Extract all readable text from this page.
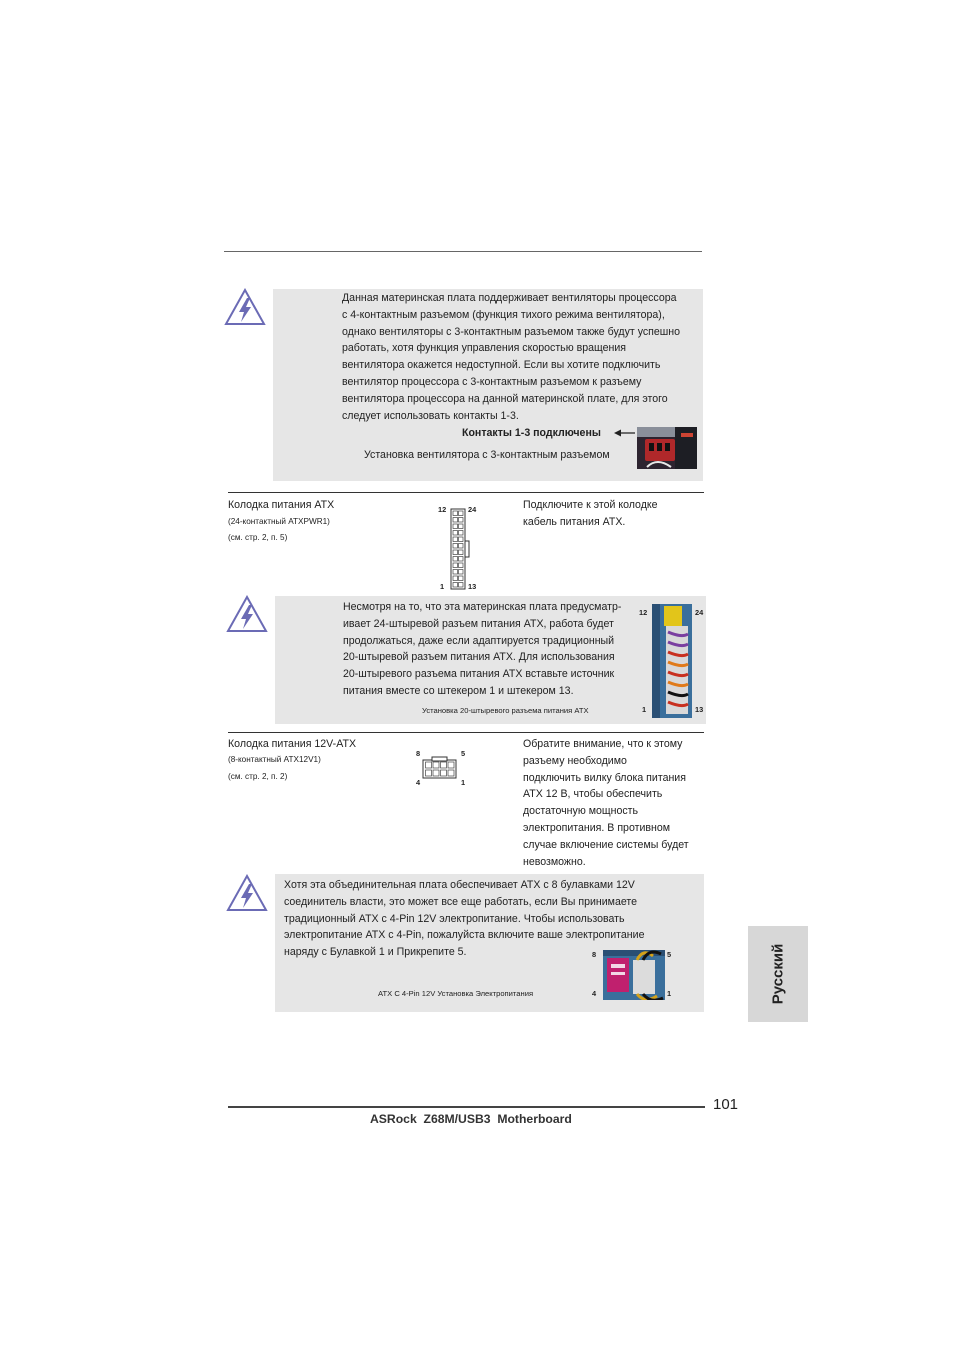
Данная материнская плата поддерживает вентиляторы процессора
с 4-контактным разъемом (функция тихого режима вентилятора),
однако вентиляторы с 3-контактным разъемом также будут успешно
работать, хотя функция управления скоростью вращения
вентилятора окажется недоступной. Если вы хотите подключить
вентилятор процессора с 3-контактным разъемом к разъему
вентилятора процессора на данной материнской плате, для этого
следует использовать контакты 1-3.
Контакты 1-3 подключены
Установка вентилятора с 3-контактным разъемом
Колодка питания ATX
(24-контактный ATXPWR1)
(см. стр. 2, п. 5)
12	24
1	13
Подключите к этой колодке
кабель питания ATX.
Несмотря на то, что эта материнская плата предусматр-
ивает 24-штыревой разъем питания ATX, работа будет
продолжаться, даже если адаптируется традиционный
20-штыревой разъем питания ATX. Для использования
20-штыревого разъема питания ATX вставьте источник
питания вместе со штекером 1 и штекером 13.
Установка 20-штыревого разъема питания ATX
12	24
1	13
Колодка питания 12V-ATX
(8-контактный ATX12V1)
(см. стр. 2, п. 2)
8	5
4	1
Обратите внимание, что к этому
разъему необходимо
подключить вилку блока питания
ATX 12 В, чтобы обеспечить
достаточную мощность
электропитания. В противном
случае включение системы будет
невозможно.
Хотя эта объединительная плата обеспечивает ATX с 8 булавками 12V
соединитель власти, это может все еще работать, если Вы принимаете
традиционный ATX с 4-Pin 12V электропитание. Чтобы использовать
электропитание ATX с 4-Pin, пожалуйста включите ваше электропитание
наряду с Булавкой 1 и Прикрепите 5.
ATX С 4-Pin 12V Установка Электропитания
8	5
4	1	Русский
101
ASRock  Z68M/USB3  Motherboard
